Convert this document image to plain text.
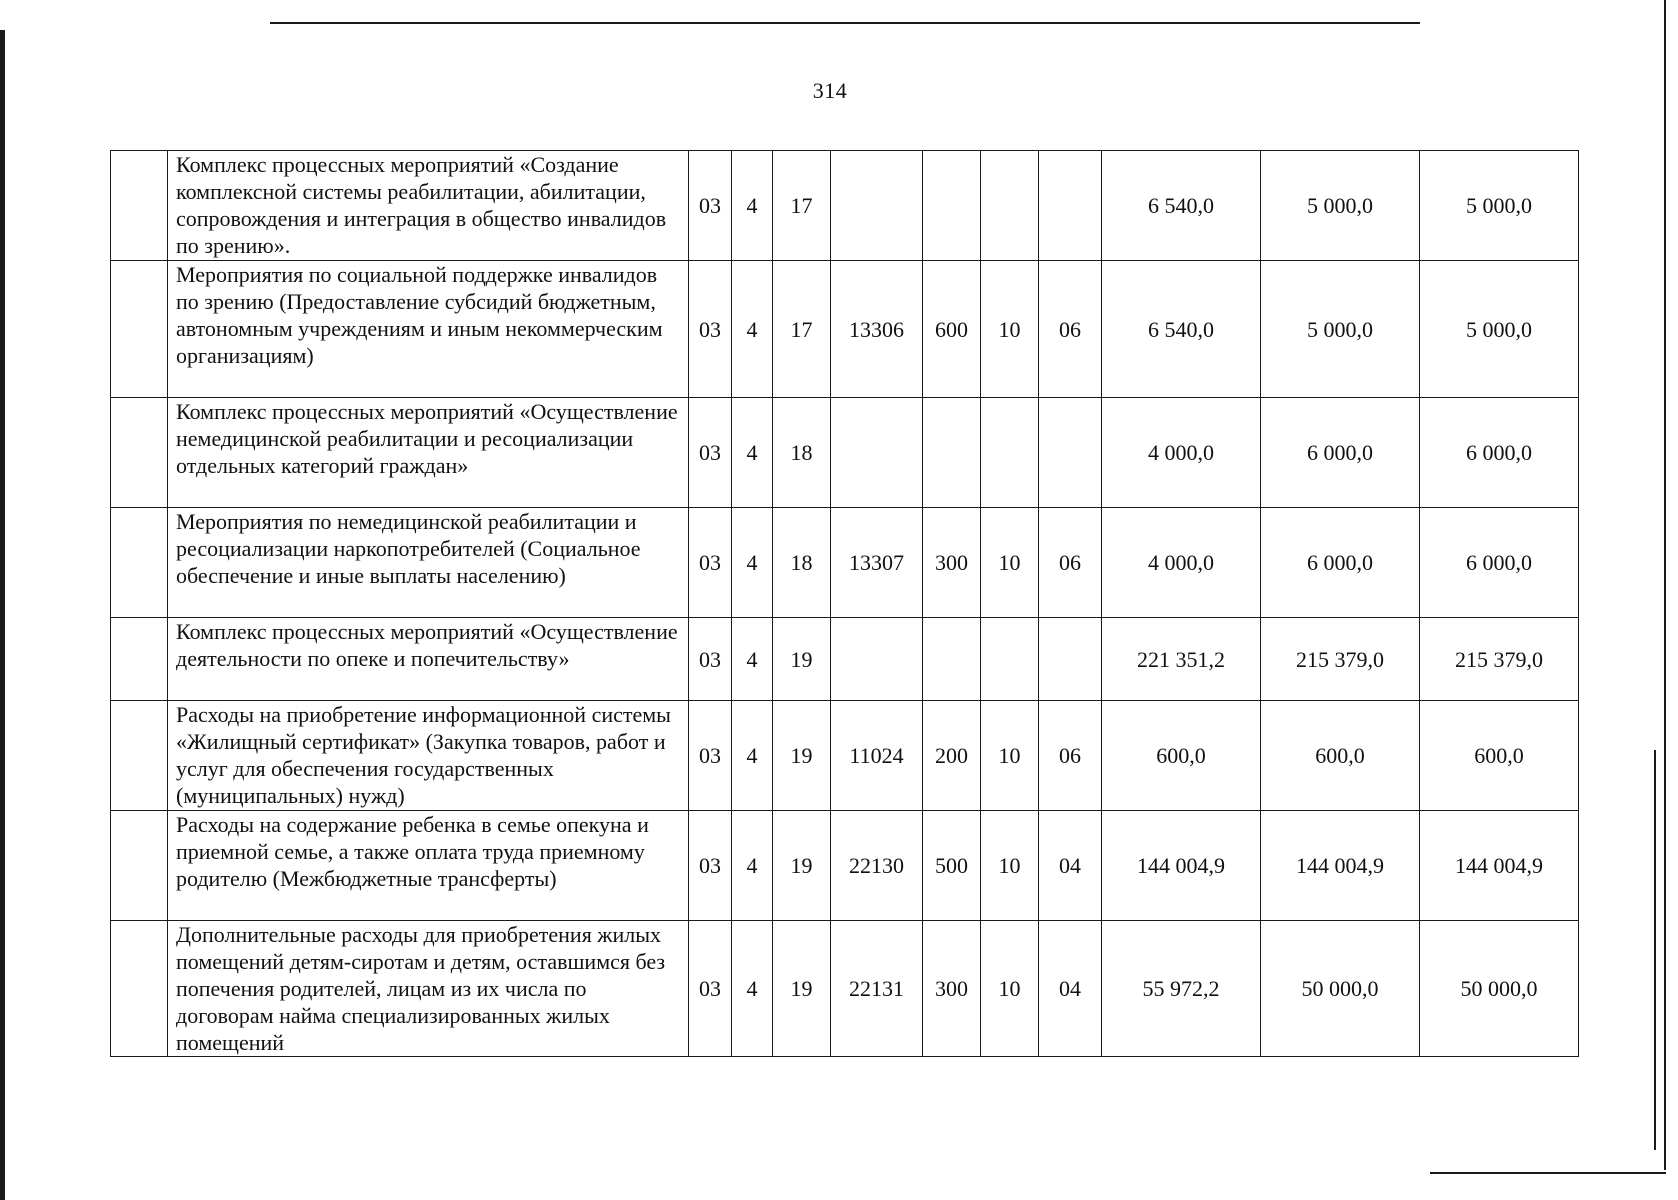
314

	Комплекс процессных мероприятий «Создание комплексной системы реабилитации, абилитации, сопровождения и интеграция в общество инвалидов по зрению».	03	4	17					6 540,0	5 000,0	5 000,0

	Мероприятия по социальной поддержке инвалидов по зрению (Предоставление субсидий бюджетным, автономным учреждениям и иным некоммерческим организациям)	03	4	17	13306	600	10	06	6 540,0	5 000,0	5 000,0

	Комплекс процессных мероприятий «Осуществление немедицинской реабилитации и ресоциализации отдельных категорий граждан»	03	4	18					4 000,0	6 000,0	6 000,0

	Мероприятия по немедицинской реабилитации и ресоциализации наркопотребителей (Социальное обеспечение и иные выплаты населению)	03	4	18	13307	300	10	06	4 000,0	6 000,0	6 000,0

	Комплекс процессных мероприятий «Осуществление деятельности по опеке и попечительству»	03	4	19					221 351,2	215 379,0	215 379,0

	Расходы на приобретение информационной системы «Жилищный сертификат» (Закупка товаров, работ и услуг для обеспечения государственных (муниципальных) нужд)	03	4	19	11024	200	10	06	600,0	600,0	600,0

	Расходы на содержание ребенка в семье опекуна и приемной семье, а также оплата труда приемному родителю (Межбюджетные трансферты)	03	4	19	22130	500	10	04	144 004,9	144 004,9	144 004,9

	Дополнительные расходы для приобретения жилых помещений детям-сиротам и детям, оставшимся без попечения родителей, лицам из их числа по договорам найма специализированных жилых помещений	03	4	19	22131	300	10	04	55 972,2	50 000,0	50 000,0
